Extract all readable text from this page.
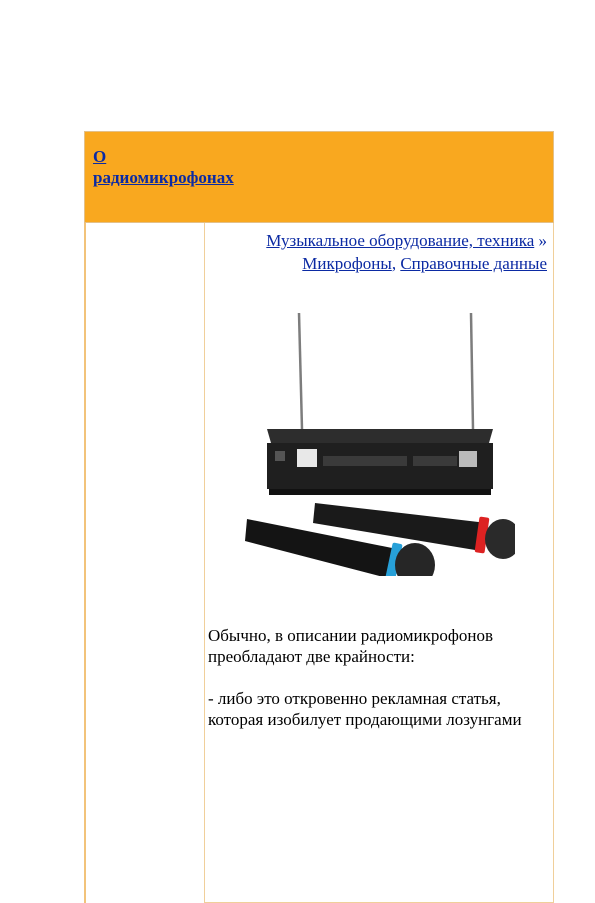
О радиомикрофонах
Музыкальное оборудование, техника » Микрофоны, Справочные данные

Обычно, в описании радиомикрофонов преобладают две крайности:

- либо это откровенно рекламная статья, которая изобилует продающими лозунгами
